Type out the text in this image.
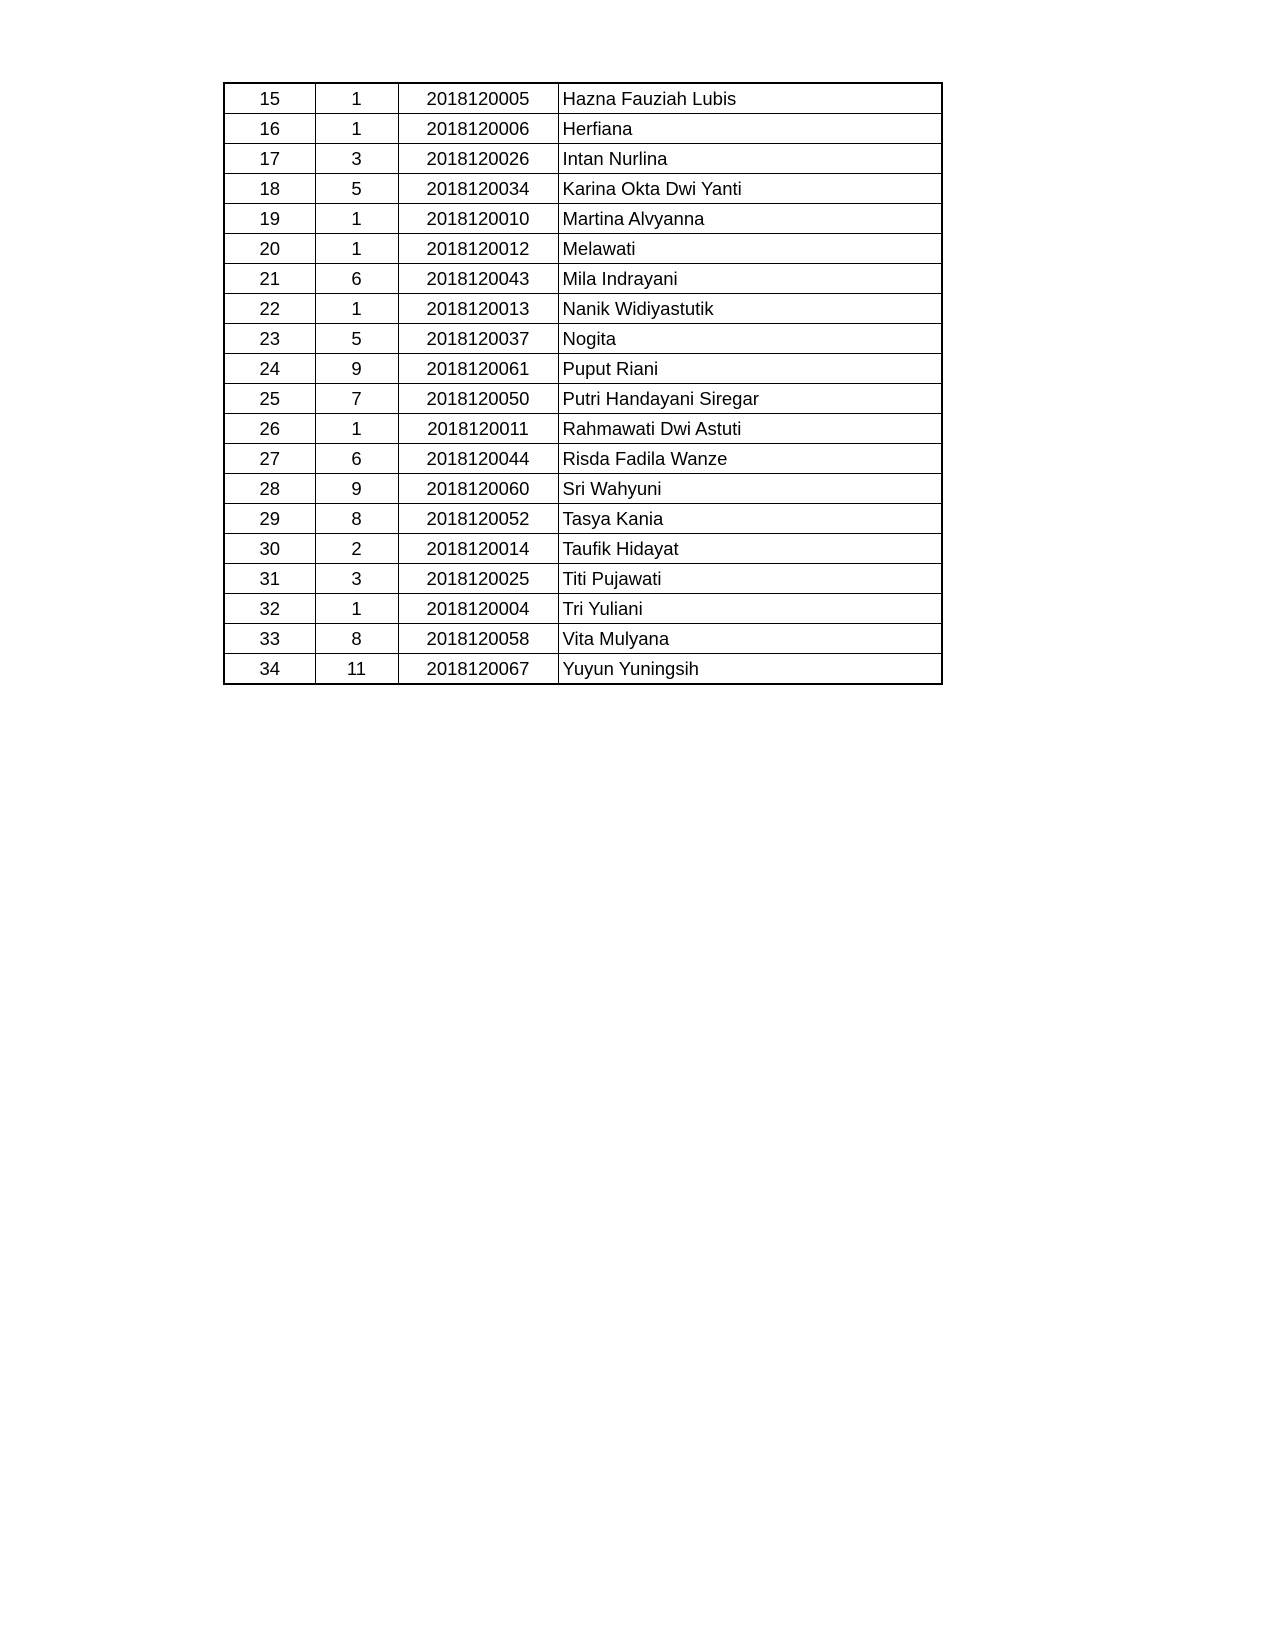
15	1	2018120005	Hazna Fauziah Lubis
16	1	2018120006	Herfiana
17	3	2018120026	Intan Nurlina
18	5	2018120034	Karina Okta Dwi Yanti
19	1	2018120010	Martina Alvyanna
20	1	2018120012	Melawati
21	6	2018120043	Mila Indrayani
22	1	2018120013	Nanik Widiyastutik
23	5	2018120037	Nogita
24	9	2018120061	Puput Riani
25	7	2018120050	Putri Handayani Siregar
26	1	2018120011	Rahmawati Dwi Astuti
27	6	2018120044	Risda Fadila Wanze
28	9	2018120060	Sri Wahyuni
29	8	2018120052	Tasya Kania
30	2	2018120014	Taufik Hidayat
31	3	2018120025	Titi Pujawati
32	1	2018120004	Tri Yuliani
33	8	2018120058	Vita Mulyana
34	11	2018120067	Yuyun Yuningsih
